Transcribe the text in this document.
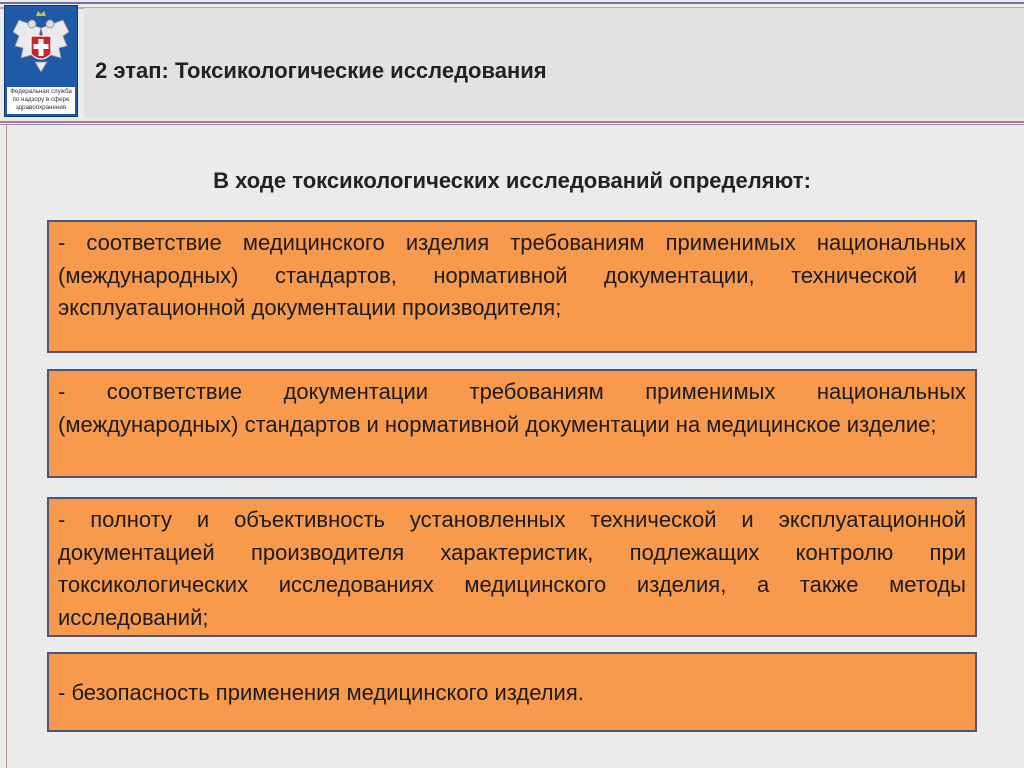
Федеральная служба по надзору в сфере здравоохранения
2 этап: Токсикологические исследования
В ходе токсикологических исследований определяют:
- соответствие медицинского изделия требованиям применимых национальных (международных) стандартов, нормативной документации, технической и эксплуатационной документации производителя;
- соответствие документации требованиям применимых национальных (международных) стандартов и нормативной документации на медицинское изделие;
- полноту и объективность установленных технической и эксплуатационной документацией производителя характеристик, подлежащих контролю при токсикологических исследованиях медицинского изделия, а также методы исследований;
- безопасность применения медицинского изделия.
